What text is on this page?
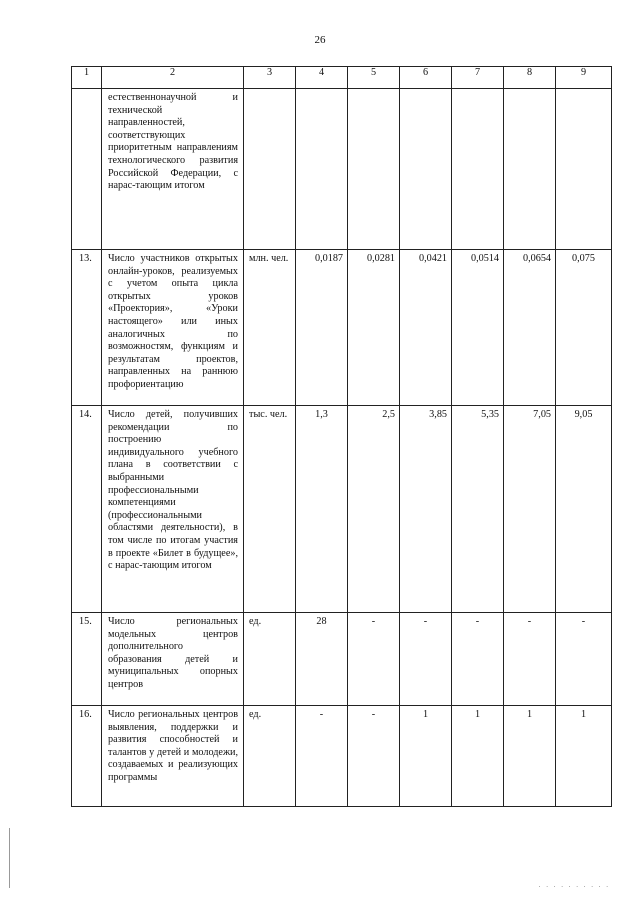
26
1	2	3	4	5	6	7	8	9
	естественнонаучной и технической направленностей, соответствующих приоритетным направлениям технологического развития Российской Федерации, с нарас-тающим итогом							
13.	Число участников открытых онлайн-уроков, реализуемых с учетом опыта цикла открытых уроков «Проектория», «Уроки настоящего» или иных аналогичных по возможностям, функциям и результатам проектов, направленных на раннюю профориентацию	млн. чел.	0,0187	0,0281	0,0421	0,0514	0,0654	0,075
14.	Число детей, получивших рекомендации по построению индивидуального учебного плана в соответствии с выбранными профессиональными компетенциями (профессиональными областями деятельности), в том числе по итогам участия в проекте «Билет в будущее», с нарас-тающим итогом	тыс. чел.	1,3	2,5	3,85	5,35	7,05	9,05
15.	Число региональных модельных центров дополнительного образования детей и муниципальных опорных центров	ед.	28	-	-	-	-	-
16.	Число региональных центров выявления, поддержки и развития способностей и талантов у детей и молодежи, создаваемых и реализующих программы	ед.	-	-	1	1	1	1
. . . . . . . . . .
